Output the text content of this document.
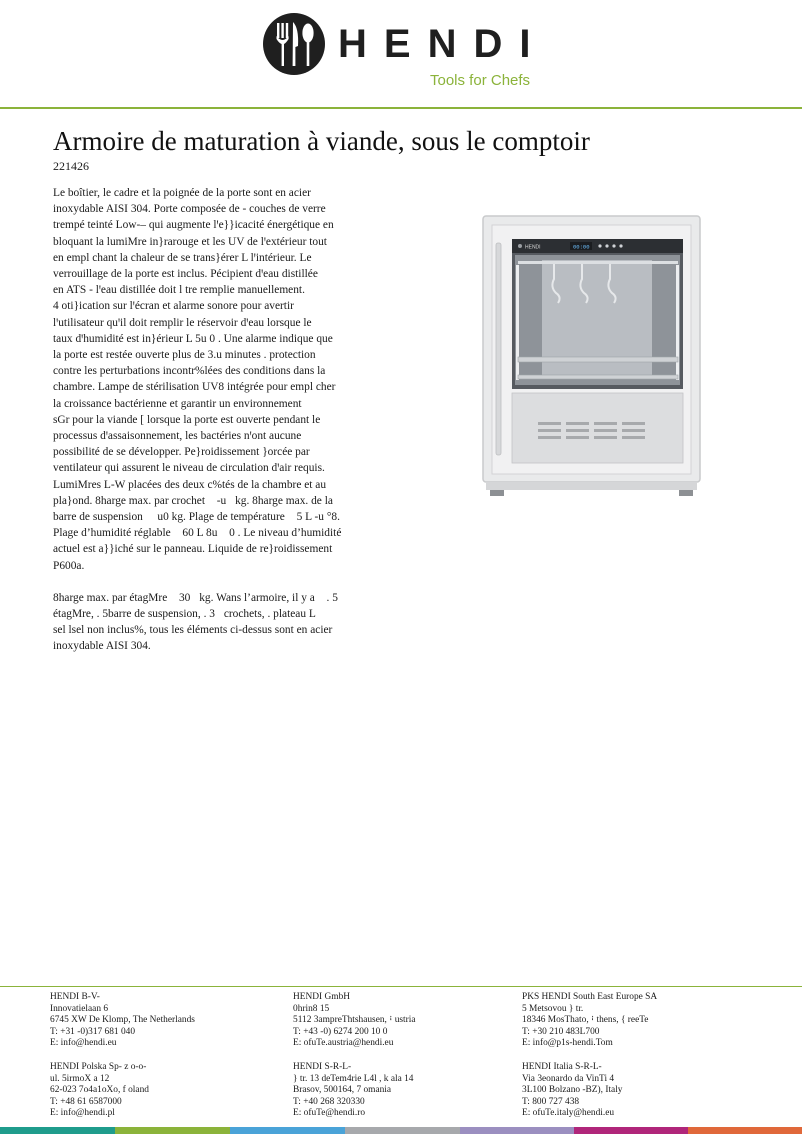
HENDI
Tools for Chefs
Armoire de maturation à viande, sous le comptoir
221426

Le boîtier, le cadre et la poignée de la porte sont en acier
inoxydable AISI 304. Porte composée de - couches de verre
trempé teinté Low-– qui augmente lꞌe}}icacité énergétique en
bloquant la lumiMre in}rarouge et les UV de lꞌextérieur tout
en empl chant la chaleur de se trans}érer L lꞌintérieur. Le
verrouillage de la porte est inclus. Pécipient dꞌeau distillée
en ATS - lꞌeau distillée doit l tre remplie manuellement.
4 oti}ication sur lꞌécran et alarme sonore pour avertir
lꞌutilisateur quꞌil doit remplir le réservoir dꞌeau lorsque le
taux dꞌhumidité est in}érieur L 5u 0 . Une alarme indique que
la porte est restée ouverte plus de 3.u minutes . protection
contre les perturbations incontr%lées des conditions dans la
chambre. Lampe de stérilisation UV8 intégrée pour empl cher
la croissance bactérienne et garantir un environnement
sGr pour la viande [ lorsque la porte est ouverte pendant le
processus dꞌassaisonnement, les bactéries nꞌont aucune
possibilité de se développer. Pe}roidissement }orcée par
ventilateur qui assurent le niveau de circulation dꞌair requis.
LumiMres L-W placées des deux c%tés de la chambre et au
pla}ond. 8harge max. par crochet  -u kg. 8harge max. de la
barre de suspension   u0 kg. Plage de température  5 L -u °8.
Plage d’humidité réglable  60 L 8u  0 . Le niveau d’humidité
actuel est a}}iché sur le panneau. Liquide de re}roidissement 
P600a.

8harge max. par étagMre  30 kg. Wans l’armoire, il y a  . 5
étagMre, . 5barre de suspension, . 3 crochets, . plateau L
sel lsel non inclus%, tous les éléments ci-dessus sont en acier
inoxydable AISI 304.

HENDI	00:00
HENDI B-V-
Innovatielaan 6
6745 XW De Klomp, The Netherlands
T: +31 -0)317 681 040
E: info@hendi.eu
HENDI GmbH
0hrin8 15
5112 3ampreThtshausen, ꜟ ustria
T: +43 -0) 6274 200 10 0
E: ofuTe.austria@hendi.eu
PKS HENDI South East Europe SA
5 Metsovou } tr.
18346 MosThato, ꜟ thens, { reeTe
T: +30 210 483L700
E: info@p1s-hendi.Tom
HENDI Polska Sp- z o-o-
ul. 5irmoX a 12
62-023 7o4a1oXo, f oland
T: +48 61 6587000
E: info@hendi.pl
HENDI S-R-L-
} tr. 13 deTem4rie L4l , k ala 14
Brasov, 500164, 7 omania
T: +40 268 320330
E: ofuTe@hendi.ro
HENDI Italia S-R-L-
Via 3eonardo da VinTi 4
3L100 Bolzano -BZ), Italy
T: 800 727 438
E: ofuTe.italy@hendi.eu
